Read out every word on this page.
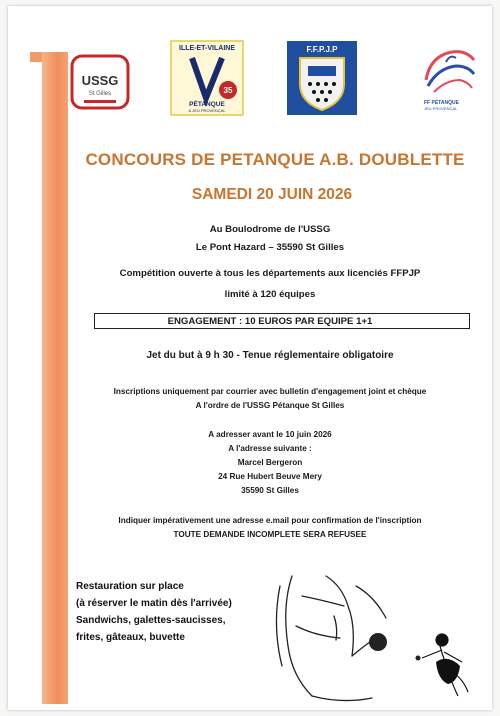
USSG
St Gilles
ILLE-ET-VILAINE
35
PÉTANQUE
& JEU PROVENÇAL
F.F.P.J.P
FF PÉTANQUE
JEU PROVENÇAL
CONCOURS DE PETANQUE A.B. DOUBLETTE
SAMEDI 20 JUIN 2026
Au Boulodrome de l'USSG
Le Pont Hazard – 35590 St Gilles
Compétition ouverte à tous les départements aux licenciés FFPJP
limité à 120 équipes
ENGAGEMENT : 10 EUROS PAR EQUIPE 1+1
Jet du but à 9 h 30 - Tenue réglementaire obligatoire
Inscriptions uniquement par courrier avec bulletin d'engagement joint et chèque
A l'ordre de l'USSG Pétanque St Gilles
A adresser avant le 10 juin 2026
A l'adresse suivante :
Marcel Bergeron
24 Rue Hubert Beuve Mery
35590 St Gilles
Indiquer impérativement une adresse e.mail pour confirmation de l'inscription
TOUTE DEMANDE INCOMPLETE SERA REFUSEE
Restauration sur place
(à réserver le matin dès l'arrivée)
Sandwichs, galettes-saucisses,
frites, gâteaux, buvette
